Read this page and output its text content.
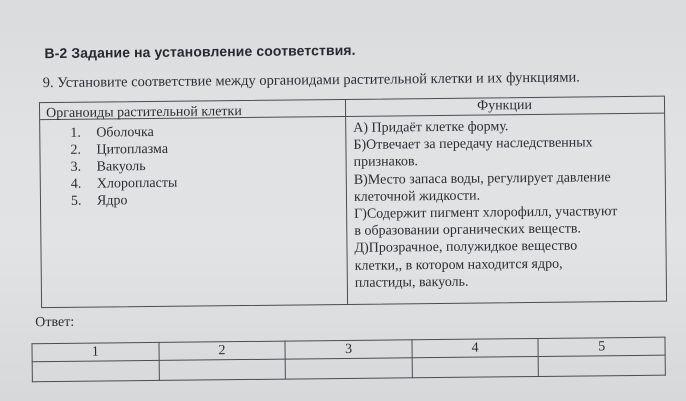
В-2 Задание на установление соответствия.
9. Установите соответствие между органоидами растительной клетки и их функциями.
Органоиды растительной клетки	Функции
1. Оболочка
2. Цитоплазма
3. Вакуоль
4. Хлоропласты
5. Ядро
А) Придаёт клетке форму.
Б)Отвечает за передачу наследственных
признаков.
В)Место запаса воды, регулирует давление
клеточной жидкости.
Г)Содержит пигмент хлорофилл, участвуют
в образовании органических веществ.
Д)Прозрачное, полужидкое вещество
клетки,, в котором находится ядро,
пластиды, вакуоль.
Ответ:
1	2	3	4	5
